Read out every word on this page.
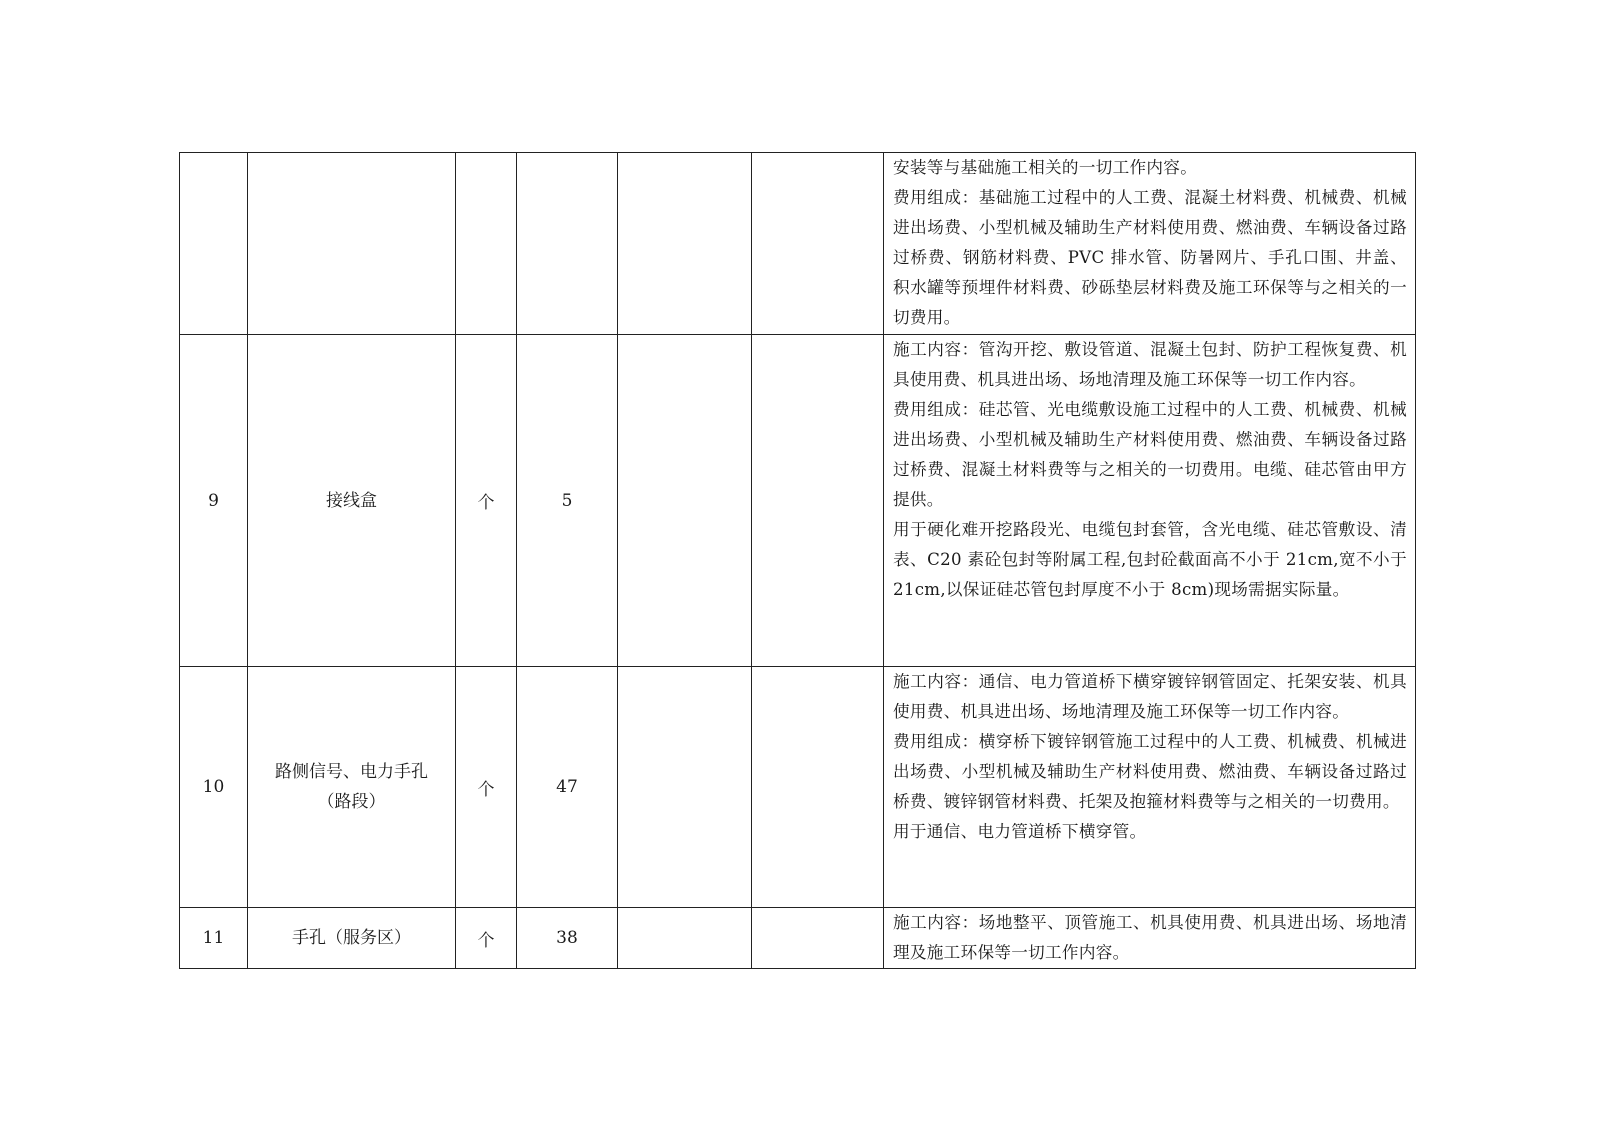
						安装等与基础施工相关的一切工作内容。
费用组成：基础施工过程中的人工费、混凝土材料费、机械费、机械进出场费、小型机械及辅助生产材料使用费、燃油费、车辆设备过路过桥费、钢筋材料费、PVC 排水管、防暑网片、手孔口围、井盖、积水罐等预埋件材料费、砂砾垫层材料费及施工环保等与之相关的一切费用。

9	接线盒	个	5			施工内容：管沟开挖、敷设管道、混凝土包封、防护工程恢复费、机具使用费、机具进出场、场地清理及施工环保等一切工作内容。
费用组成：硅芯管、光电缆敷设施工过程中的人工费、机械费、机械进出场费、小型机械及辅助生产材料使用费、燃油费、车辆设备过路过桥费、混凝土材料费等与之相关的一切费用。电缆、硅芯管由甲方提供。
用于硬化难开挖路段光、电缆包封套管，含光电缆、硅芯管敷设、清表、C20 素砼包封等附属工程,包封砼截面高不小于 21cm,宽不小于 21cm,以保证硅芯管包封厚度不小于 8cm)现场需据实际量。

10	路侧信号、电力手孔（路段）	个	47			施工内容：通信、电力管道桥下横穿镀锌钢管固定、托架安装、机具使用费、机具进出场、场地清理及施工环保等一切工作内容。
费用组成：横穿桥下镀锌钢管施工过程中的人工费、机械费、机械进出场费、小型机械及辅助生产材料使用费、燃油费、车辆设备过路过桥费、镀锌钢管材料费、托架及抱箍材料费等与之相关的一切费用。
用于通信、电力管道桥下横穿管。

11	手孔（服务区）	个	38			施工内容：场地整平、顶管施工、机具使用费、机具进出场、场地清理及施工环保等一切工作内容。
